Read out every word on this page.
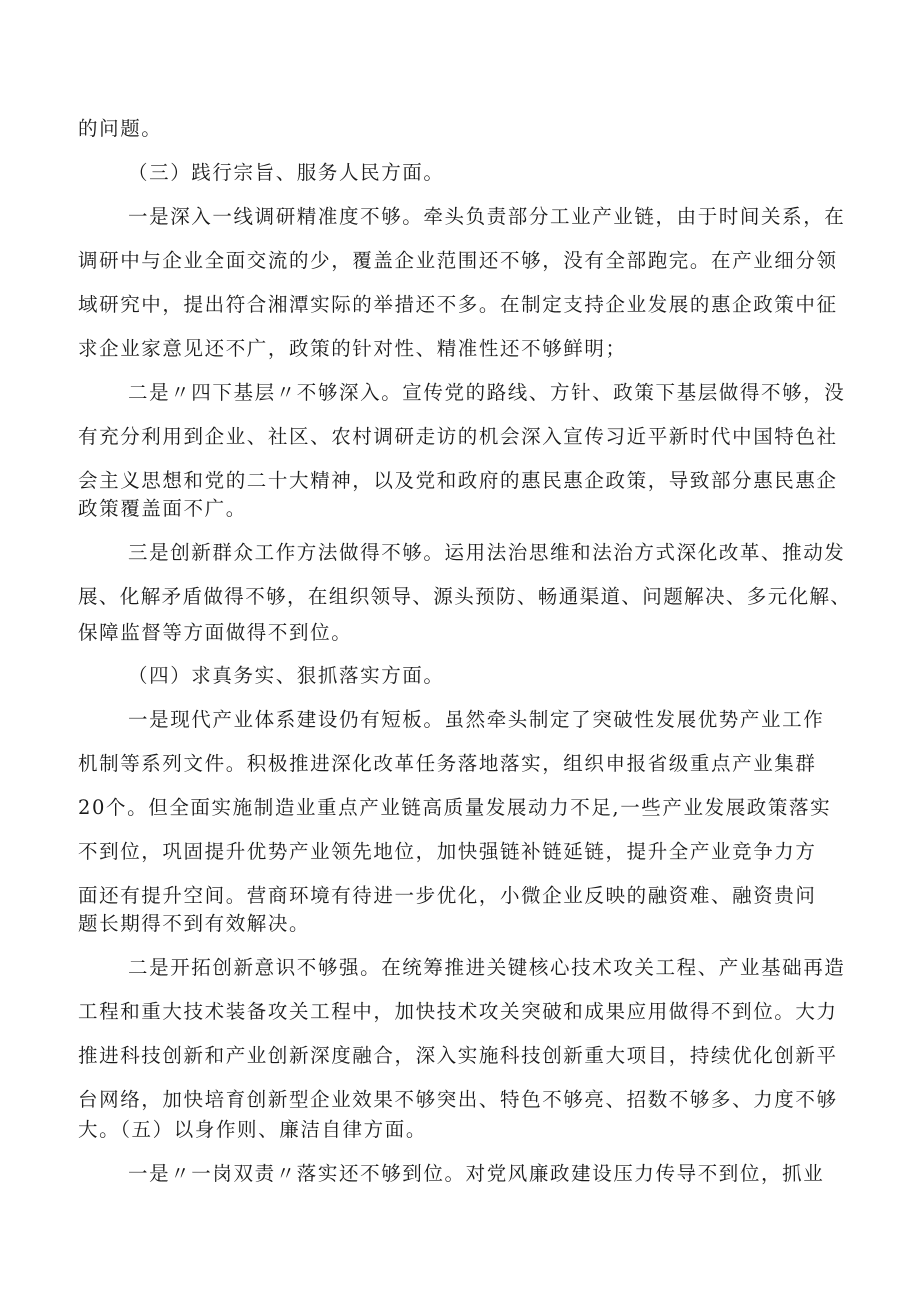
的问题。
（三）践行宗旨、服务人民方面。
一是深入一线调研精准度不够。牵头负责部分工业产业链，由于时间关系，在
调研中与企业全面交流的少，覆盖企业范围还不够，没有全部跑完。在产业细分领
域研究中，提出符合湘潭实际的举措还不多。在制定支持企业发展的惠企政策中征
求企业家意见还不广，政策的针对性、精准性还不够鲜明；
二是〃四下基层〃不够深入。宣传党的路线、方针、政策下基层做得不够，没
有充分利用到企业、社区、农村调研走访的机会深入宣传习近平新时代中国特色社
会主义思想和党的二十大精神，以及党和政府的惠民惠企政策，导致部分惠民惠企
政策覆盖面不广。
三是创新群众工作方法做得不够。运用法治思维和法治方式深化改革、推动发
展、化解矛盾做得不够，在组织领导、源头预防、畅通渠道、问题解决、多元化解、
保障监督等方面做得不到位。
（四）求真务实、狠抓落实方面。
一是现代产业体系建设仍有短板。虽然牵头制定了突破性发展优势产业工作
机制等系列文件。积极推进深化改革任务落地落实，组织申报省级重点产业集群
20个。但全面实施制造业重点产业链高质量发展动力不足,一些产业发展政策落实
不到位，巩固提升优势产业领先地位，加快强链补链延链，提升全产业竞争力方
面还有提升空间。营商环境有待进一步优化，小微企业反映的融资难、融资贵问
题长期得不到有效解决。
二是开拓创新意识不够强。在统筹推进关键核心技术攻关工程、产业基础再造
工程和重大技术装备攻关工程中，加快技术攻关突破和成果应用做得不到位。大力
推进科技创新和产业创新深度融合，深入实施科技创新重大项目，持续优化创新平
台网络，加快培育创新型企业效果不够突出、特色不够亮、招数不够多、力度不够
大。（五）以身作则、廉洁自律方面。
一是〃一岗双责〃落实还不够到位。对党风廉政建设压力传导不到位，抓业
